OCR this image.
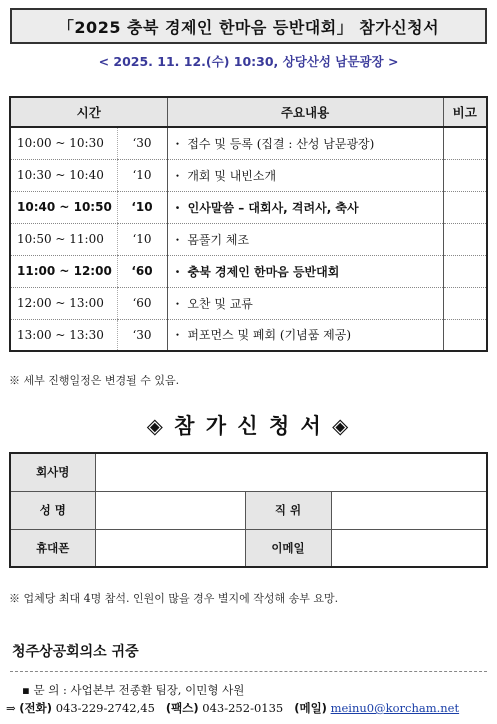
「2025 충북 경제인 한마음 등반대회」 참가신청서
< 2025. 11. 12.(수) 10:30, 상당산성 남문광장 >
시간		주요내용	비고
10:00 ~ 10:30	‘30	・ 접수 및 등록 (집결 : 산성 남문광장)	
10:30 ~ 10:40	‘10	・ 개회 및 내빈소개	
10:40 ~ 10:50	‘10	・ 인사말씀 – 대회사, 격려사, 축사	
10:50 ~ 11:00	‘10	・ 몸풀기 체조	
11:00 ~ 12:00	‘60	・ 충북 경제인 한마음 등반대회	
12:00 ~ 13:00	‘60	・ 오찬 및 교류	
13:00 ~ 13:30	‘30	・ 퍼포먼스 및 폐회 (기념품 제공)	
※ 세부 진행일정은 변경될 수 있음.
◈ 참 가 신 청 서 ◈
회사명			
성 명		직 위	
휴대폰		이메일	
※ 업체당 최대 4명 참석. 인원이 많을 경우 별지에 작성해 송부 요망.
청주상공회의소 귀중
▪ 문 의 : 사업본부 전종환 팀장, 이민형 사원
⇒ (전화) 043-229-2742,45 (팩스) 043-252-0135 (메일) meinu0@korcham.net
